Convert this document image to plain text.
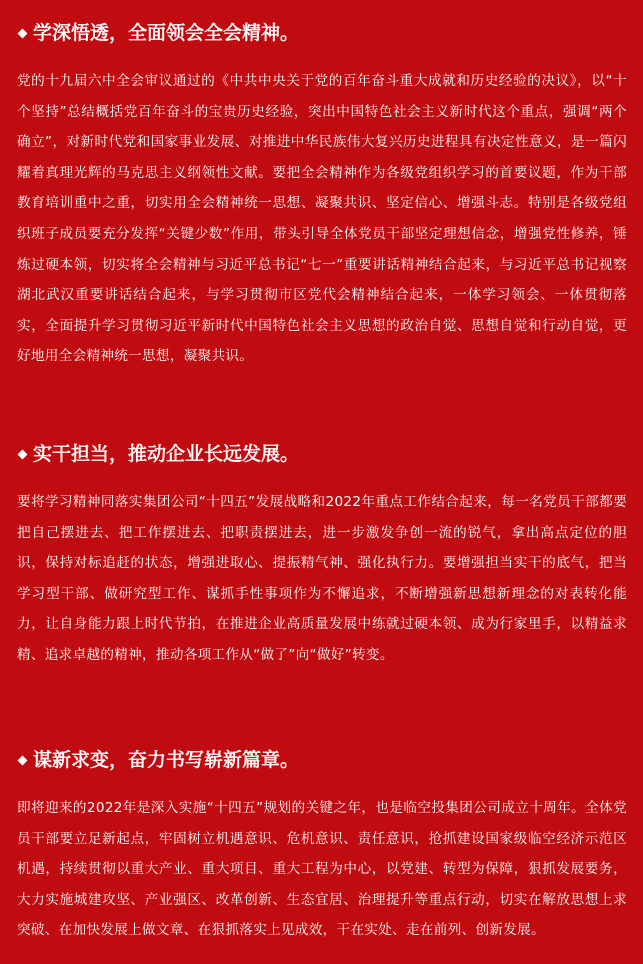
学深悟透，全面领会全会精神。

党的十九届六中全会审议通过的《中共中央关于党的百年奋斗重大成就和历史经验的决议》，以“十个坚持”总结概括党百年奋斗的宝贵历史经验，突出中国特色社会主义新时代这个重点，强调“两个确立”，对新时代党和国家事业发展、对推进中华民族伟大复兴历史进程具有决定性意义，是一篇闪耀着真理光辉的马克思主义纲领性文献。要把全会精神作为各级党组织学习的首要议题，作为干部教育培训重中之重，切实用全会精神统一思想、凝聚共识、坚定信心、增强斗志。特别是各级党组织班子成员要充分发挥“关键少数”作用，带头引导全体党员干部坚定理想信念，增强党性修养，锤炼过硬本领，切实将全会精神与习近平总书记“七一”重要讲话精神结合起来，与习近平总书记视察湖北武汉重要讲话结合起来，与学习贯彻市区党代会精神结合起来，一体学习领会、一体贯彻落实，全面提升学习贯彻习近平新时代中国特色社会主义思想的政治自觉、思想自觉和行动自觉，更好地用全会精神统一思想，凝聚共识。

实干担当，推动企业长远发展。

要将学习精神同落实集团公司“十四五”发展战略和2022年重点工作结合起来，每一名党员干部都要把自己摆进去、把工作摆进去、把职责摆进去，进一步激发争创一流的锐气，拿出高点定位的胆识，保持对标追赶的状态，增强进取心、提振精气神、强化执行力。要增强担当实干的底气，把当学习型干部、做研究型工作、谋抓手性事项作为不懈追求，不断增强新思想新理念的对表转化能力，让自身能力跟上时代节拍，在推进企业高质量发展中练就过硬本领、成为行家里手，以精益求精、追求卓越的精神，推动各项工作从“做了”向“做好”转变。

谋新求变，奋力书写崭新篇章。

即将迎来的2022年是深入实施“十四五”规划的关键之年，也是临空投集团公司成立十周年。全体党员干部要立足新起点，牢固树立机遇意识、危机意识、责任意识，抢抓建设国家级临空经济示范区机遇，持续贯彻以重大产业、重大项目、重大工程为中心，以党建、转型为保障，狠抓发展要务，大力实施城建攻坚、产业强区、改革创新、生态宜居、治理提升等重点行动，切实在解放思想上求突破、在加快发展上做文章、在狠抓落实上见成效，干在实处、走在前列、创新发展。
